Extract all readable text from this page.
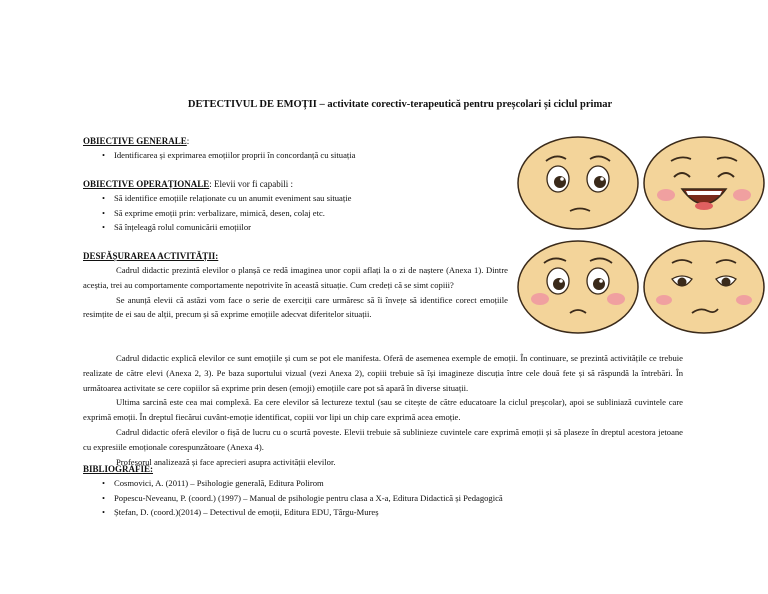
DETECTIVUL DE EMOȚII – activitate corectiv-terapeutică pentru preșcolari și ciclul primar
OBIECTIVE GENERALE:
• Identificarea și exprimarea emoțiilor proprii în concordanță cu situația
OBIECTIVE OPERAȚIONALE: Elevii vor fi capabili :
• Să identifice emoțiile relaționate cu un anumit eveniment sau situație
• Să exprime emoții prin: verbalizare, mimică, desen, colaj etc.
• Să înțeleagă rolul comunicării emoțiilor
DESFĂȘURAREA ACTIVITĂȚII:

Cadrul didactic prezintă elevilor o planșă ce redă imaginea unor copii aflați la o zi de naștere (Anexa 1). Dintre aceștia, trei au comportamente comportamente nepotrivite în această situație. Cum credeți că se simt copiii?

Se anunță elevii că astăzi vom face o serie de exerciții care urmăresc să îi învețe să identifice corect emoțiile resimțite de ei sau de alții, precum și să exprime emoțiile adecvat diferitelor situații.

Cadrul didactic explică elevilor ce sunt emoțiile și cum se pot ele manifesta. Oferă de asemenea exemple de emoții. În continuare, se prezintă activitățile ce trebuie realizate de către elevi (Anexa 2, 3). Pe baza suportului vizual (vezi Anexa 2), copiii trebuie să își imagineze discuția între cele două fete și să răspundă la întrebări. În următoarea activitate se cere copiilor să exprime prin desen (emoji) emoțiile care pot să apară în diverse situații.

Ultima sarcină este cea mai complexă. Ea cere elevilor să lectureze textul (sau se citește de către educatoare la ciclul preșcolar), apoi se subliniază cuvintele care exprimă emoții. În dreptul fiecărui cuvânt-emoție identificat, copiii vor lipi un chip care exprimă acea emoție.

Cadrul didactic oferă elevilor o fișă de lucru cu o scurtă poveste. Elevii trebuie să sublinieze cuvintele care exprimă emoții și să plaseze în dreptul acestora jetoane cu expresiile emoționale corespunzătoare (Anexa 4).

Profesorul analizează și face aprecieri asupra activității elevilor.

BIBLIOGRAFIE:
• Cosmovici, A. (2011) – Psihologie generală, Editura Polirom
• Popescu-Neveanu, P. (coord.) (1997) – Manual de psihologie pentru clasa a X-a, Editura Didactică și Pedagogică
• Ștefan, D. (coord.)(2014) – Detectivul de emoții, Editura EDU, Târgu-Mureș
